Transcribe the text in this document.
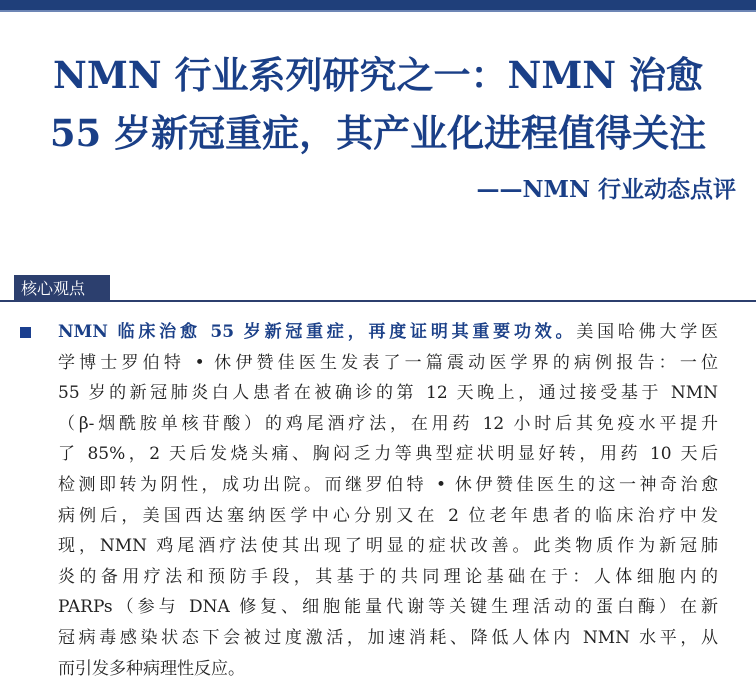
NMN 行业系列研究之一：NMN 治愈
55 岁新冠重症，其产业化进程值得关注
——NMN 行业动态点评
核心观点
NMN 临床治愈 55 岁新冠重症，再度证明其重要功效。美国哈佛大学医
学博士罗伯特 • 休伊赞佳医生发表了一篇震动医学界的病例报告：一位
55 岁的新冠肺炎白人患者在被确诊的第 12 天晚上，通过接受基于 NMN
（β-烟酰胺单核苷酸）的鸡尾酒疗法，在用药 12 小时后其免疫水平提升
了 85%，2 天后发烧头痛、胸闷乏力等典型症状明显好转，用药 10 天后
检测即转为阴性，成功出院。而继罗伯特 • 休伊赞佳医生的这一神奇治愈
病例后，美国西达塞纳医学中心分别又在 2 位老年患者的临床治疗中发
现，NMN 鸡尾酒疗法使其出现了明显的症状改善。此类物质作为新冠肺
炎的备用疗法和预防手段，其基于的共同理论基础在于：人体细胞内的
PARPs（参与 DNA 修复、细胞能量代谢等关键生理活动的蛋白酶）在新
冠病毒感染状态下会被过度激活，加速消耗、降低人体内 NMN 水平，从
而引发多种病理性反应。
